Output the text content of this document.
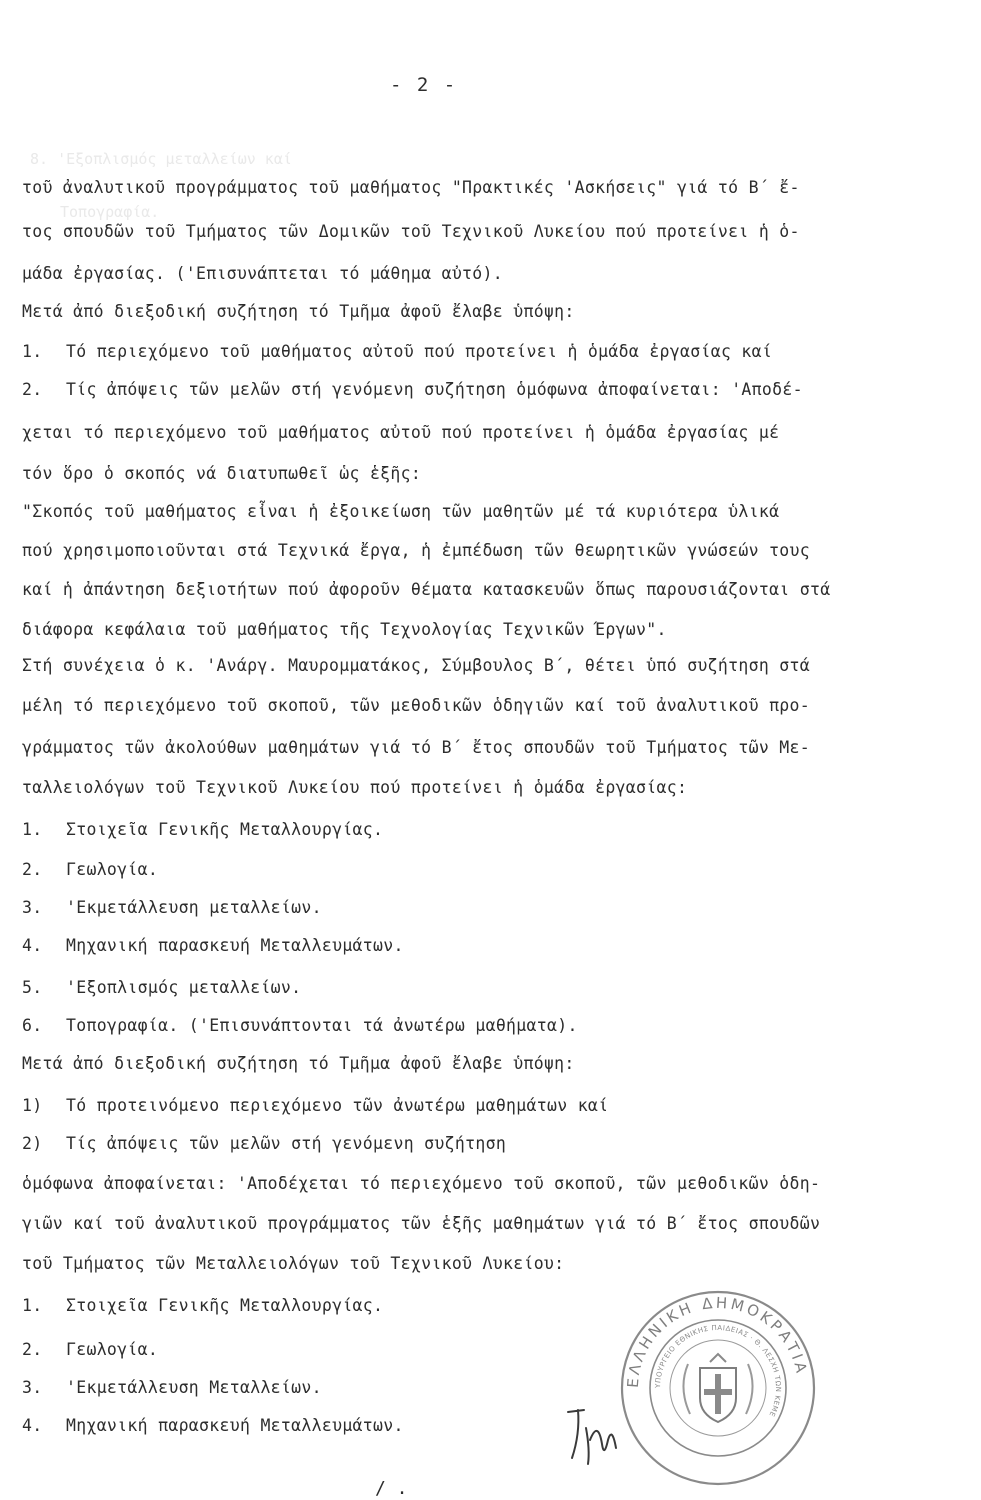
8. 'Εξοπλισμός μεταλλείων καί
Τοπογραφία.
- 2 -
τοῦ ἀναλυτικοῦ προγράμματος τοῦ μαθήματος "Πρακτικές 'Ασκήσεις" γιά τό Β΄ ἔ-
τος σπουδῶν τοῦ Τμήματος τῶν Δομικῶν τοῦ Τεχνικοῦ Λυκείου πού προτείνει ἡ ὁ-
μάδα ἐργασίας. ('Επισυνάπτεται τό μάθημα αὐτό).
Μετά ἀπό διεξοδική συζήτηση τό Τμῆμα ἀφοῦ ἔλαβε ὑπόψη:
1. Τό περιεχόμενο τοῦ μαθήματος αὐτοῦ πού προτείνει ἡ ὁμάδα ἐργασίας καί
2. Τίς ἀπόψεις τῶν μελῶν στή γενόμενη συζήτηση ὁμόφωνα ἀποφαίνεται: 'Αποδέ-
χεται τό περιεχόμενο τοῦ μαθήματος αὐτοῦ πού προτείνει ἡ ὁμάδα ἐργασίας μέ
τόν ὅρο ὁ σκοπός νά διατυπωθεῖ ὡς ἑξῆς:
"Σκοπός τοῦ μαθήματος εἶναι ἡ ἐξοικείωση τῶν μαθητῶν μέ τά κυριότερα ὑλικά
πού χρησιμοποιοῦνται στά Τεχνικά ἔργα, ἡ ἐμπέδωση τῶν θεωρητικῶν γνώσεών τους
καί ἡ ἀπάντηση δεξιοτήτων πού ἀφοροῦν θέματα κατασκευῶν ὅπως παρουσιάζονται στά
διάφορα κεφάλαια τοῦ μαθήματος τῆς Τεχνολογίας Τεχνικῶν Έργων".
Στή συνέχεια ὁ κ. 'Ανάργ. Μαυρομματάκος, Σύμβουλος Β΄, θέτει ὑπό συζήτηση στά
μέλη τό περιεχόμενο τοῦ σκοποῦ, τῶν μεθοδικῶν ὁδηγιῶν καί τοῦ ἀναλυτικοῦ προ-
γράμματος τῶν ἀκολούθων μαθημάτων γιά τό Β΄ ἔτος σπουδῶν τοῦ Τμήματος τῶν Με-
ταλλειολόγων τοῦ Τεχνικοῦ Λυκείου πού προτείνει ἡ ὁμάδα ἐργασίας:
1. Στοιχεῖα Γενικῆς Μεταλλουργίας.
2. Γεωλογία.
3. 'Εκμετάλλευση μεταλλείων.
4. Μηχανική παρασκευή Μεταλλευμάτων.
5. 'Εξοπλισμός μεταλλείων.
6. Τοπογραφία. ('Επισυνάπτονται τά ἀνωτέρω μαθήματα).
Μετά ἀπό διεξοδική συζήτηση τό Τμῆμα ἀφοῦ ἔλαβε ὑπόψη:
1) Τό προτεινόμενο περιεχόμενο τῶν ἀνωτέρω μαθημάτων καί
2) Τίς ἀπόψεις τῶν μελῶν στή γενόμενη συζήτηση
ὁμόφωνα ἀποφαίνεται: 'Αποδέχεται τό περιεχόμενο τοῦ σκοποῦ, τῶν μεθοδικῶν ὁδη-
γιῶν καί τοῦ ἀναλυτικοῦ προγράμματος τῶν ἑξῆς μαθημάτων γιά τό Β΄ ἔτος σπουδῶν
τοῦ Τμήματος τῶν Μεταλλειολόγων τοῦ Τεχνικοῦ Λυκείου:
1. Στοιχεῖα Γενικῆς Μεταλλουργίας.
2. Γεωλογία.
3. 'Εκμετάλλευση Μεταλλείων.
4. Μηχανική παρασκευή Μεταλλευμάτων.
ΕΛΛΗΝΙΚΗ ΔΗΜΟΚΡΑΤΙΑ
ΥΠΟΥΡΓΕΙΟ ΕΘΝΙΚΗΣ ΠΑΙΔΕΙΑΣ · Θ. ΛΕΣΧΗ ΤΩΝ ΚΕΜΕ
/ .
